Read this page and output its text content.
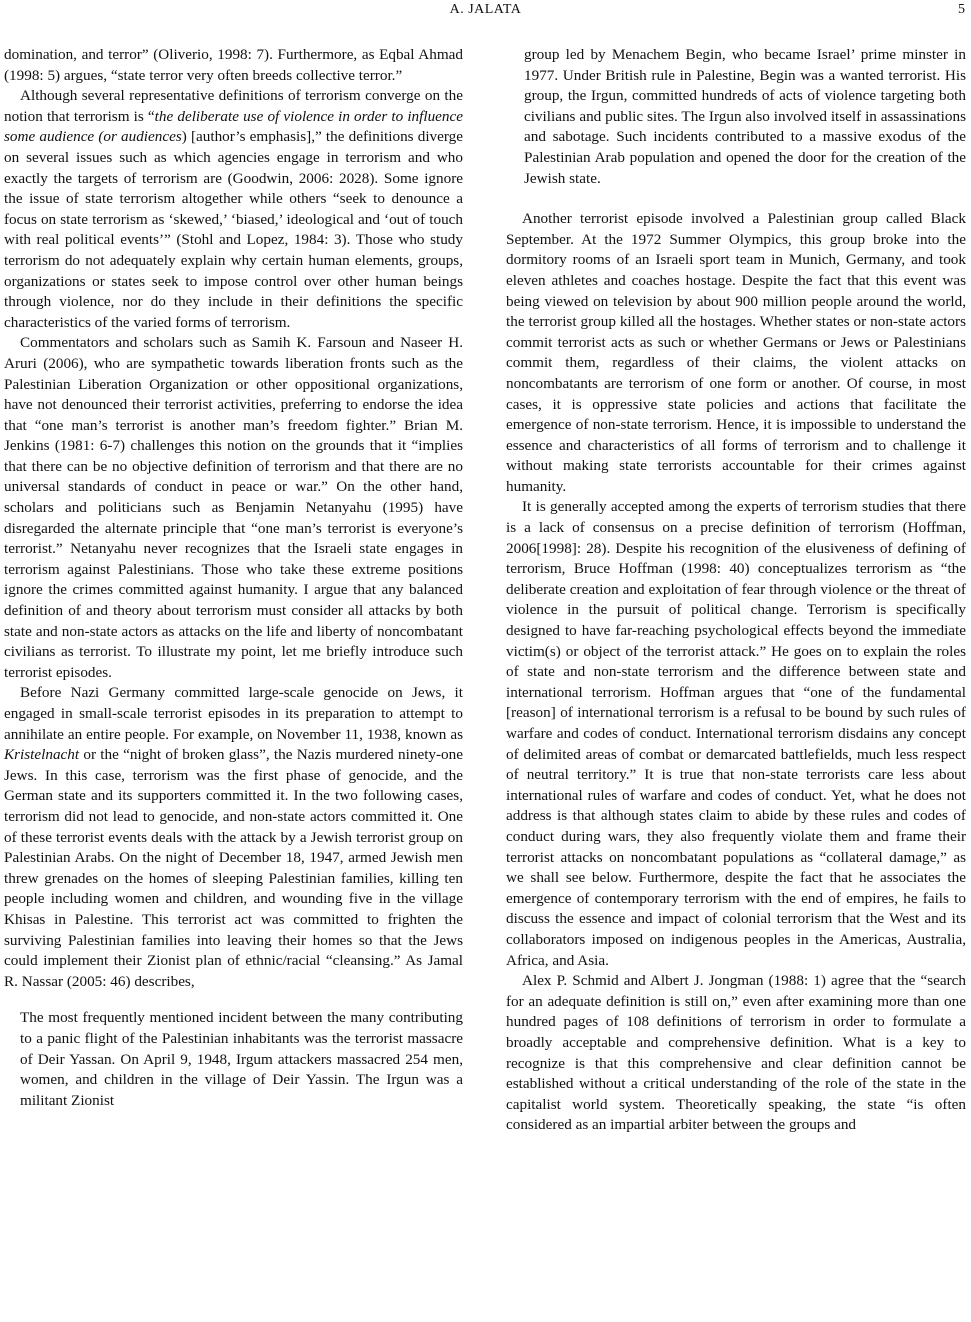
A. JALATA	5

domination, and terror” (Oliverio, 1998: 7). Furthermore, as Eqbal Ahmad (1998: 5) argues, “state terror very often breeds collective terror.”

Although several representative definitions of terrorism converge on the notion that terrorism is “the deliberate use of violence in order to influence some audience (or audiences) [author’s emphasis],” the definitions diverge on several issues such as which agencies engage in terrorism and who exactly the targets of terrorism are (Goodwin, 2006: 2028). Some ignore the issue of state terrorism altogether while others “seek to denounce a focus on state terrorism as ‘skewed,’ ‘biased,’ ideological and ‘out of touch with real political events’” (Stohl and Lopez, 1984: 3). Those who study terrorism do not adequately explain why certain human elements, groups, organizations or states seek to impose control over other human beings through violence, nor do they include in their definitions the specific characteristics of the varied forms of terrorism.

Commentators and scholars such as Samih K. Farsoun and Naseer H. Aruri (2006), who are sympathetic towards liberation fronts such as the Palestinian Liberation Organization or other oppositional organizations, have not denounced their terrorist activities, preferring to endorse the idea that “one man’s terrorist is another man’s freedom fighter.” Brian M. Jenkins (1981: 6-7) challenges this notion on the grounds that it “implies that there can be no objective definition of terrorism and that there are no universal standards of conduct in peace or war.” On the other hand, scholars and politicians such as Benjamin Netanyahu (1995) have disregarded the alternate principle that “one man’s terrorist is everyone’s terrorist.” Netanyahu never recognizes that the Israeli state engages in terrorism against Palestinians. Those who take these extreme positions ignore the crimes committed against humanity. I argue that any balanced definition of and theory about terrorism must consider all attacks by both state and non-state actors as attacks on the life and liberty of noncombatant civilians as terrorist. To illustrate my point, let me briefly introduce such terrorist episodes.

Before Nazi Germany committed large-scale genocide on Jews, it engaged in small-scale terrorist episodes in its preparation to attempt to annihilate an entire people. For example, on November 11, 1938, known as Kristelnacht or the “night of broken glass”, the Nazis murdered ninety-one Jews. In this case, terrorism was the first phase of genocide, and the German state and its supporters committed it. In the two following cases, terrorism did not lead to genocide, and non-state actors committed it. One of these terrorist events deals with the attack by a Jewish terrorist group on Palestinian Arabs. On the night of December 18, 1947, armed Jewish men threw grenades on the homes of sleeping Palestinian families, killing ten people including women and children, and wounding five in the village Khisas in Palestine. This terrorist act was committed to frighten the surviving Palestinian families into leaving their homes so that the Jews could implement their Zionist plan of ethnic/racial “cleansing.” As Jamal R. Nassar (2005: 46) describes,

The most frequently mentioned incident between the many contributing to a panic flight of the Palestinian inhabitants was the terrorist massacre of Deir Yassan. On April 9, 1948, Irgum attackers massacred 254 men, women, and children in the village of Deir Yassin. The Irgun was a militant Zionist

group led by Menachem Begin, who became Israel’ prime minster in 1977. Under British rule in Palestine, Begin was a wanted terrorist. His group, the Irgun, committed hundreds of acts of violence targeting both civilians and public sites. The Irgun also involved itself in assassinations and sabotage. Such incidents contributed to a massive exodus of the Palestinian Arab population and opened the door for the creation of the Jewish state.

Another terrorist episode involved a Palestinian group called Black September. At the 1972 Summer Olympics, this group broke into the dormitory rooms of an Israeli sport team in Munich, Germany, and took eleven athletes and coaches hostage. Despite the fact that this event was being viewed on television by about 900 million people around the world, the terrorist group killed all the hostages. Whether states or non-state actors commit terrorist acts as such or whether Germans or Jews or Palestinians commit them, regardless of their claims, the violent attacks on noncombatants are terrorism of one form or another. Of course, in most cases, it is oppressive state policies and actions that facilitate the emergence of non-state terrorism. Hence, it is impossible to understand the essence and characteristics of all forms of terrorism and to challenge it without making state terrorists accountable for their crimes against humanity.

It is generally accepted among the experts of terrorism studies that there is a lack of consensus on a precise definition of terrorism (Hoffman, 2006[1998]: 28). Despite his recognition of the elusiveness of defining of terrorism, Bruce Hoffman (1998: 40) conceptualizes terrorism as “the deliberate creation and exploitation of fear through violence or the threat of violence in the pursuit of political change. Terrorism is specifically designed to have far-reaching psychological effects beyond the immediate victim(s) or object of the terrorist attack.” He goes on to explain the roles of state and non-state terrorism and the difference between state and international terrorism. Hoffman argues that “one of the fundamental [reason] of international terrorism is a refusal to be bound by such rules of warfare and codes of conduct. International terrorism disdains any concept of delimited areas of combat or demarcated battlefields, much less respect of neutral territory.” It is true that non-state terrorists care less about international rules of warfare and codes of conduct. Yet, what he does not address is that although states claim to abide by these rules and codes of conduct during wars, they also frequently violate them and frame their terrorist attacks on noncombatant populations as “collateral damage,” as we shall see below. Furthermore, despite the fact that he associates the emergence of contemporary terrorism with the end of empires, he fails to discuss the essence and impact of colonial terrorism that the West and its collaborators imposed on indigenous peoples in the Americas, Australia, Africa, and Asia.

Alex P. Schmid and Albert J. Jongman (1988: 1) agree that the “search for an adequate definition is still on,” even after examining more than one hundred pages of 108 definitions of terrorism in order to formulate a broadly acceptable and comprehensive definition. What is a key to recognize is that this comprehensive and clear definition cannot be established without a critical understanding of the role of the state in the capitalist world system. Theoretically speaking, the state “is often considered as an impartial arbiter between the groups and
